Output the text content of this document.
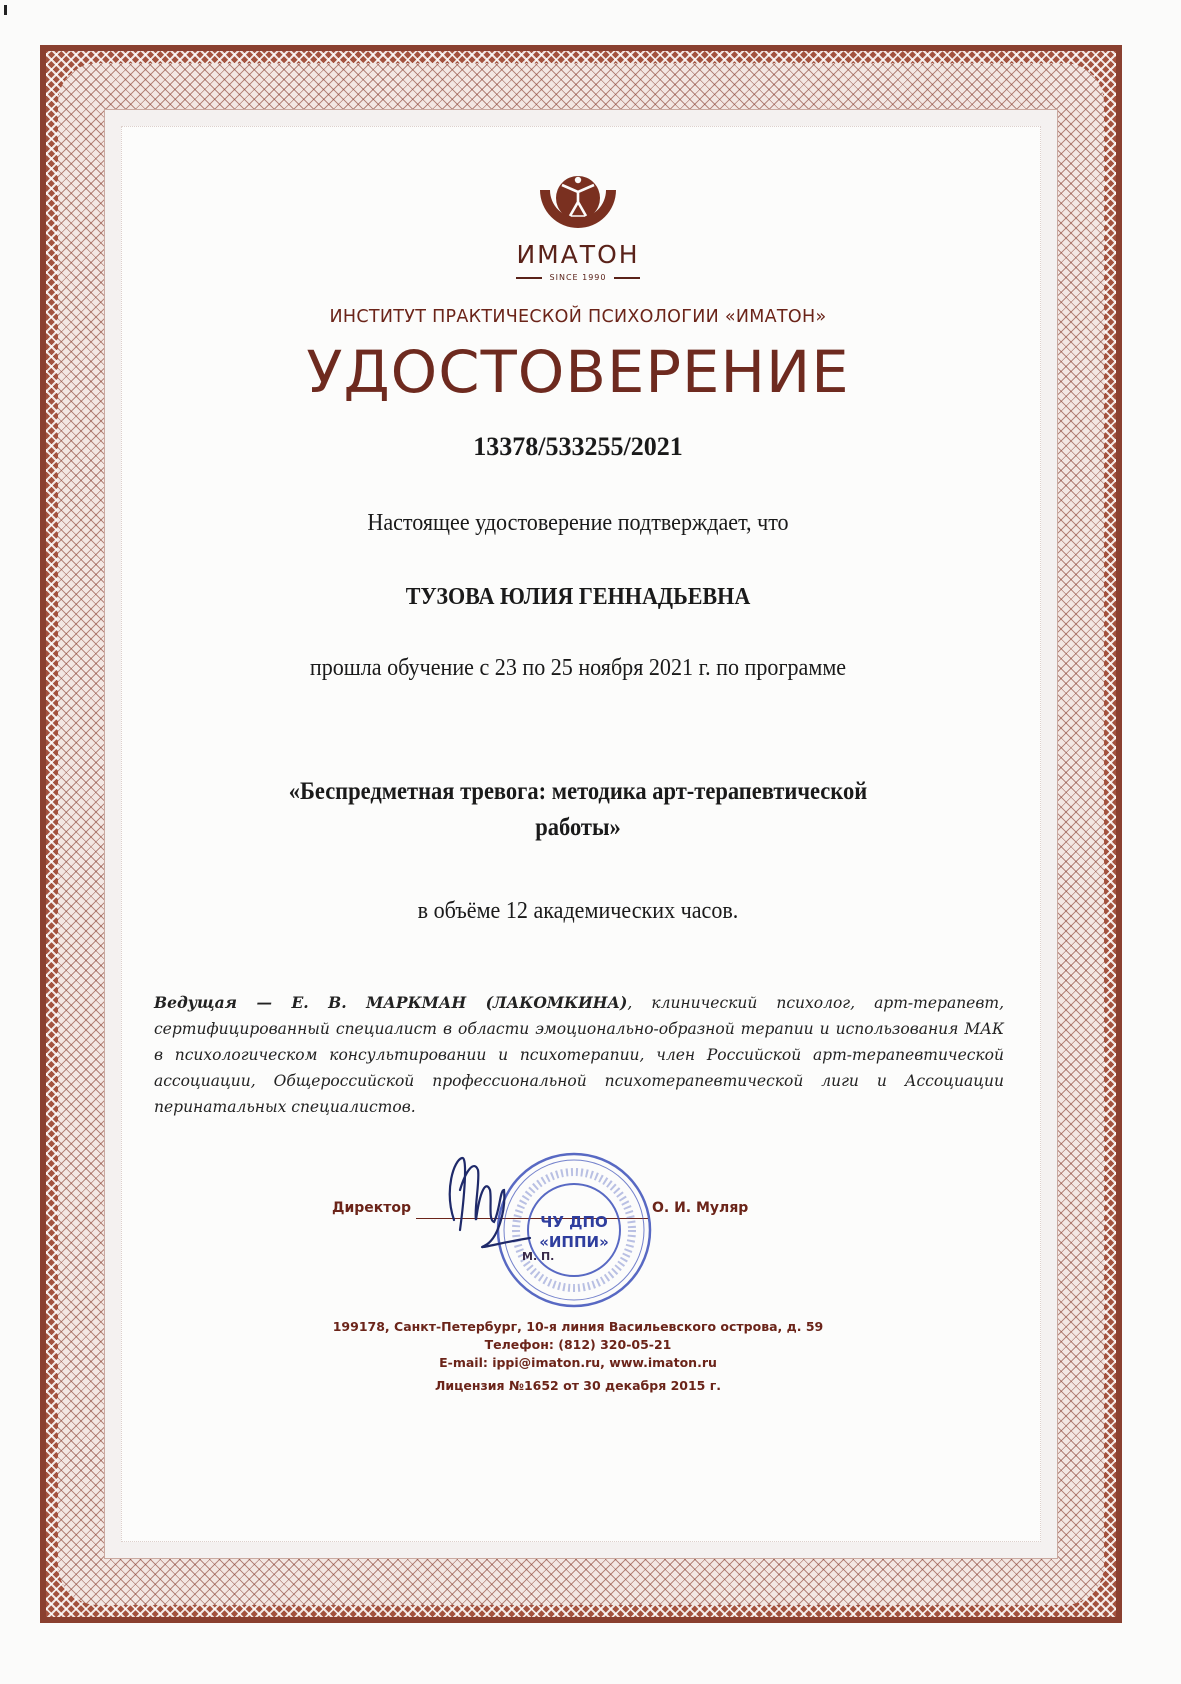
ИМАТОН
SINCE 1990
ИНСТИТУТ ПРАКТИЧЕСКОЙ ПСИХОЛОГИИ «ИМАТОН»
УДОСТОВЕРЕНИЕ
13378/533255/2021
Настоящее удостоверение подтверждает, что
ТУЗОВА ЮЛИЯ ГЕННАДЬЕВНА
прошла обучение с 23 по 25 ноября 2021 г. по программе
«Беспредметная тревога: методика арт-терапевтической
работы»
в объёме 12 академических часов.
Ведущая — Е. В. МАРКМАН (ЛАКОМКИНА), клинический психолог, арт-терапевт, сертифицированный специалист в области эмоционально-образной терапии и использования МАК в психологическом консультировании и психотерапии, член Российской арт-терапевтической ассоциации, Общероссийской профессиональной психотерапевтической лиги и Ассоциации перинатальных специалистов.
Директор	О. И. Муляр
ЧУ ДПО
«ИППИ»
М. П.
199178, Санкт-Петербург, 10-я линия Васильевского острова, д. 59
Телефон: (812) 320-05-21
E-mail: ippi@imaton.ru, www.imaton.ru
Лицензия №1652 от 30 декабря 2015 г.
